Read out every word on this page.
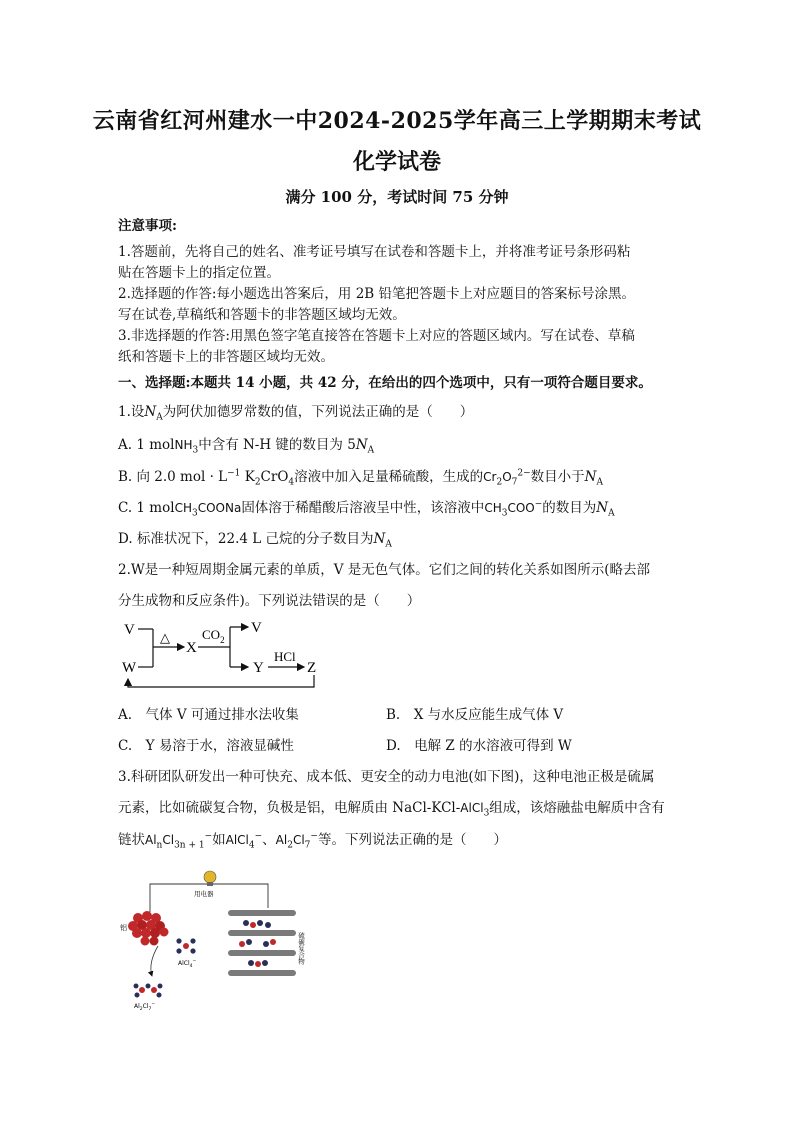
云南省红河州建水一中2024-2025学年高三上学期期末考试
化学试卷
满分 100 分，考试时间 75 分钟
注意事项:
1.答题前，先将自己的姓名、准考证号填写在试卷和答题卡上，并将准考证号条形码粘
贴在答题卡上的指定位置。
2.选择题的作答:每小题选出答案后，用 2B 铅笔把答题卡上对应题目的答案标号涂黑。
写在试卷,草稿纸和答题卡的非答题区域均无效。
3.非选择题的作答:用黑色签字笔直接答在答题卡上对应的答题区域内。写在试卷、草稿
纸和答题卡上的非答题区域均无效。
一、选择题:本题共 14 小题，共 42 分，在给出的四个选项中，只有一项符合题目要求。
1.设$N_A$为阿伏加德罗常数的值，下列说法正确的是（　　）
A. 1 molNH$_3$中含有 N-H 键的数目为 $5N_A$
B. 向 2.0 mol · $L^{-1}$ $K_2CrO_4$溶液中加入足量稀硫酸，生成的$Cr_2O_7^{2-}$数目小于$N_A$
C. 1 molCH$_3$COONa固体溶于稀醋酸后溶液呈中性，该溶液中$CH_3COO^-$的数目为$N_A$
D. 标准状况下，22.4 L 己烷的分子数目为$N_A$
2.W是一种短周期金属元素的单质，V 是无色气体。它们之间的转化关系如图所示(略去部
分生成物和反应条件)。下列说法错误的是（　　）
V
W
△
X
$CO_2$
V
Y
HCl
Z
A.　气体 V 可通过排水法收集	B.　X 与水反应能生成气体 V
C.　Y 易溶于水，溶液显碱性	D.　电解 Z 的水溶液可得到 W
3.科研团队研发出一种可快充、成本低、更安全的动力电池(如下图)，这种电池正极是硫属
元素，比如硫碳复合物，负极是铝，电解质由 NaCl-KCl-AlCl$_3$组成，该熔融盐电解质中含有
链状$Al_nCl_{3n + 1}^-$如AlCl$_4$−、$Al_2Cl_7^-$等。下列说法正确的是（　　）
用电器
铝
AlCl$_4$−
$Al_2Cl_7^-$
硫碳复合物
